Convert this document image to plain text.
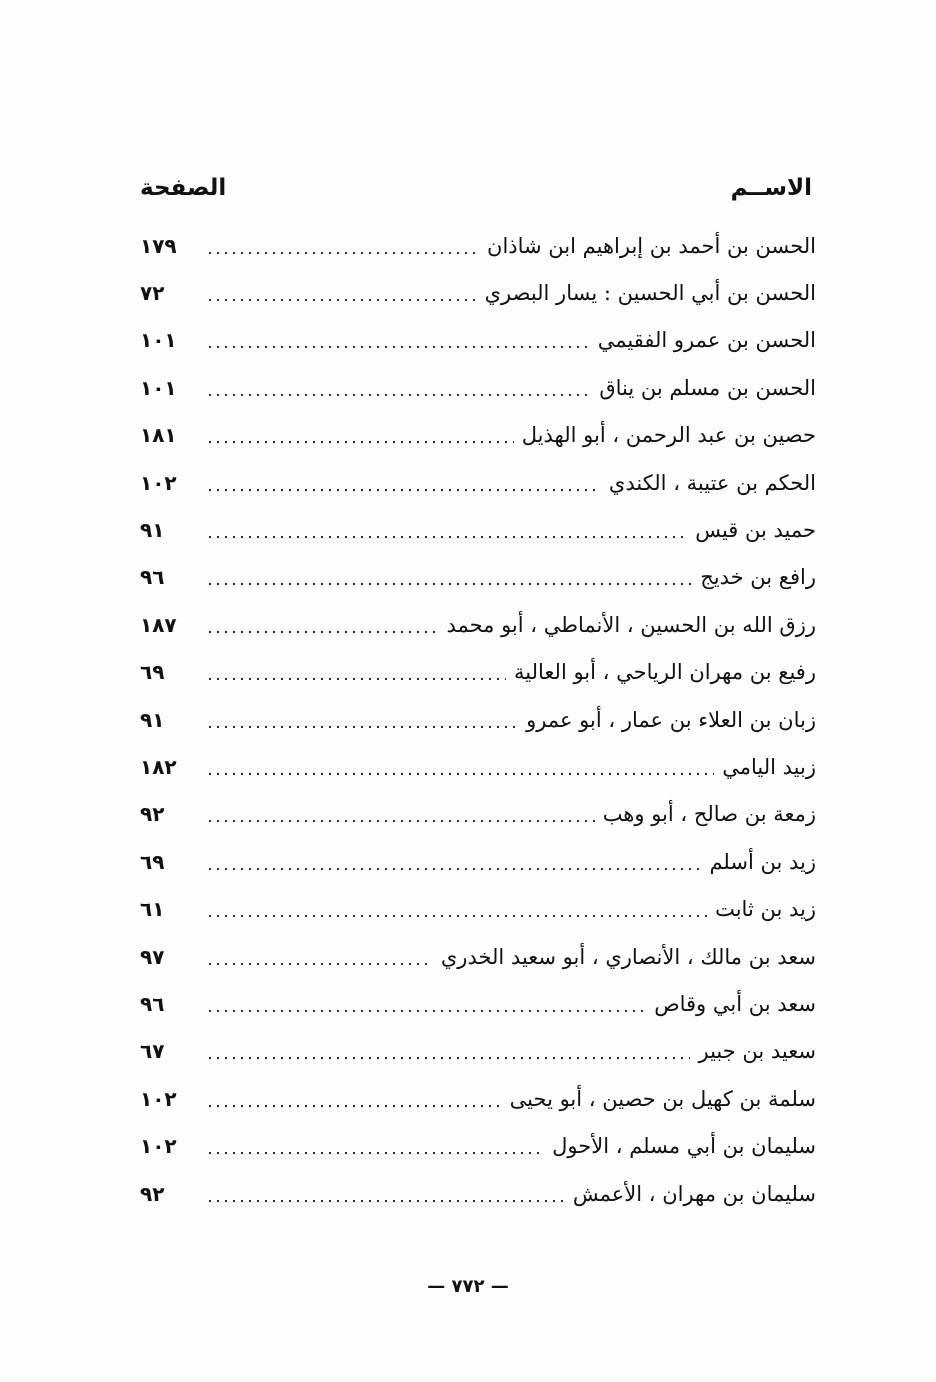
الاســم
الصفحة
الحسن بن أحمد بن إبراهيم ابن شاذان
١٧٩
الحسن بن أبي الحسين : يسار البصري
٧٢
الحسن بن عمرو الفقيمي
١٠١
الحسن بن مسلم بن يناق
١٠١
حصين بن عبد الرحمن ، أبو الهذيل
١٨١
الحكم بن عتيبة ، الكندي
١٠٢
حميد بن قيس
٩١
رافع بن خديج
٩٦
رزق الله بن الحسين ، الأنماطي ، أبو محمد
١٨٧
رفيع بن مهران الرياحي ، أبو العالية
٦٩
زبان بن العلاء بن عمار ، أبو عمرو
٩١
زبيد اليامي
١٨٢
زمعة بن صالح ، أبو وهب
٩٢
زيد بن أسلم
٦٩
زيد بن ثابت
٦١
سعد بن مالك ، الأنصاري ، أبو سعيد الخدري
٩٧
سعد بن أبي وقاص
٩٦
سعيد بن جبير
٦٧
سلمة بن كهيل بن حصين ، أبو يحيى
١٠٢
سليمان بن أبي مسلم ، الأحول
١٠٢
سليمان بن مهران ، الأعمش
٩٢
— ٧٧٢ —
